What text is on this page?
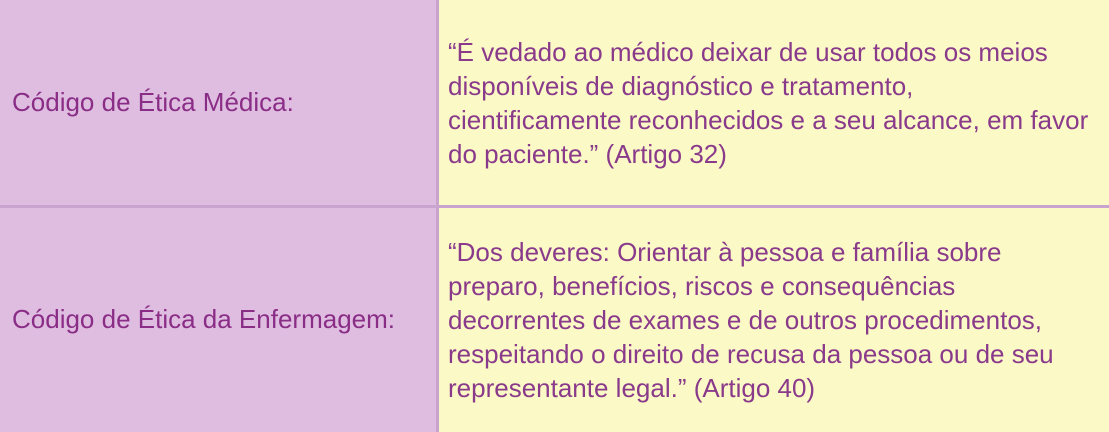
Código de Ética Médica:

“É vedado ao médico deixar de usar todos os meios disponíveis de diagnóstico e tratamento, cientificamente reconhecidos e a seu alcance, em favor do paciente.” (Artigo 32)

Código de Ética da Enfermagem:

“Dos deveres: Orientar à pessoa e família sobre preparo, benefícios, riscos e consequências decorrentes de exames e de outros procedimentos, respeitando o direito de recusa da pessoa ou de seu representante legal.” (Artigo 40)
